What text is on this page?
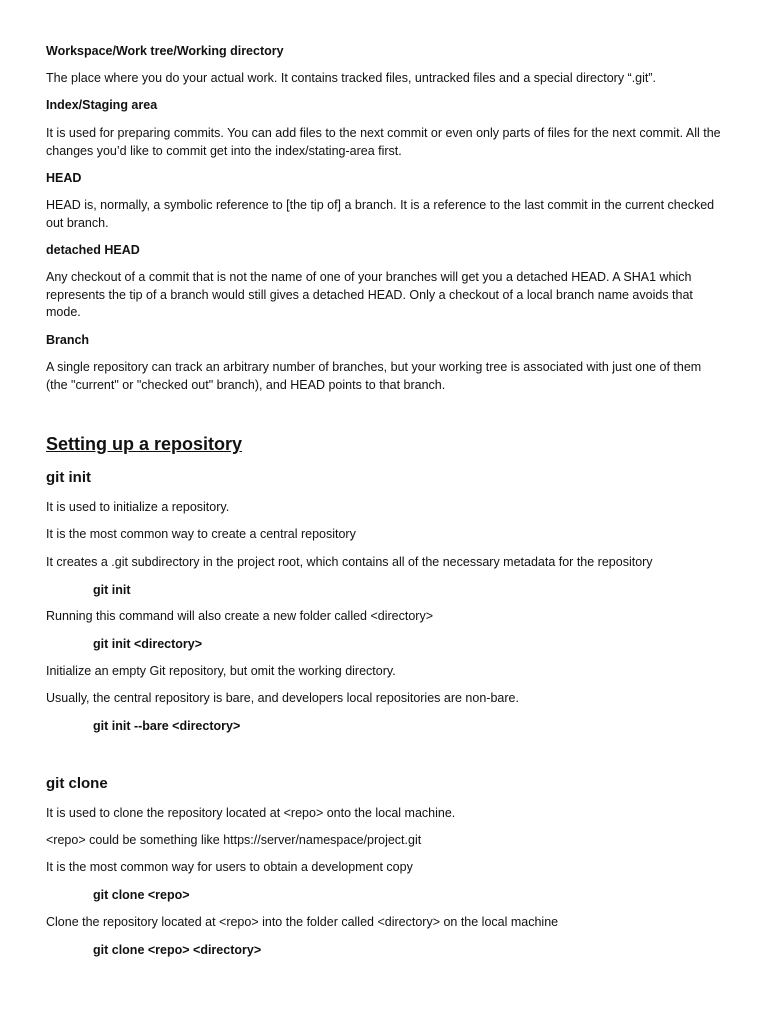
Workspace/Work tree/Working directory

The place where you do your actual work. It contains tracked files, untracked files and a special directory “.git”.

Index/Staging area

It is used for preparing commits. You can add files to the next commit or even only parts of files for the next commit. All the changes you’d like to commit get into the index/stating-area first.

HEAD

HEAD is, normally, a symbolic reference to [the tip of] a branch. It is a reference to the last commit in the current checked out branch.

detached HEAD

Any checkout of a commit that is not the name of one of your branches will get you a detached HEAD. A SHA1 which represents the tip of a branch would still gives a detached HEAD. Only a checkout of a local branch name avoids that mode.

Branch

A single repository can track an arbitrary number of branches, but your working tree is associated with just one of them (the "current" or "checked out" branch), and HEAD points to that branch.

Setting up a repository
git init

It is used to initialize a repository.

It is the most common way to create a central repository

It creates a .git subdirectory in the project root, which contains all of the necessary metadata for the repository

git init

Running this command will also create a new folder called <directory>

git init <directory>

Initialize an empty Git repository, but omit the working directory.

Usually, the central repository is bare, and developers local repositories are non-bare.

git init --bare <directory>

git clone

It is used to clone the repository located at <repo> onto the local machine.

<repo> could be something like https://server/namespace/project.git

It is the most common way for users to obtain a development copy

git clone <repo>

Clone the repository located at <repo> into the folder called <directory> on the local machine

git clone <repo> <directory>
